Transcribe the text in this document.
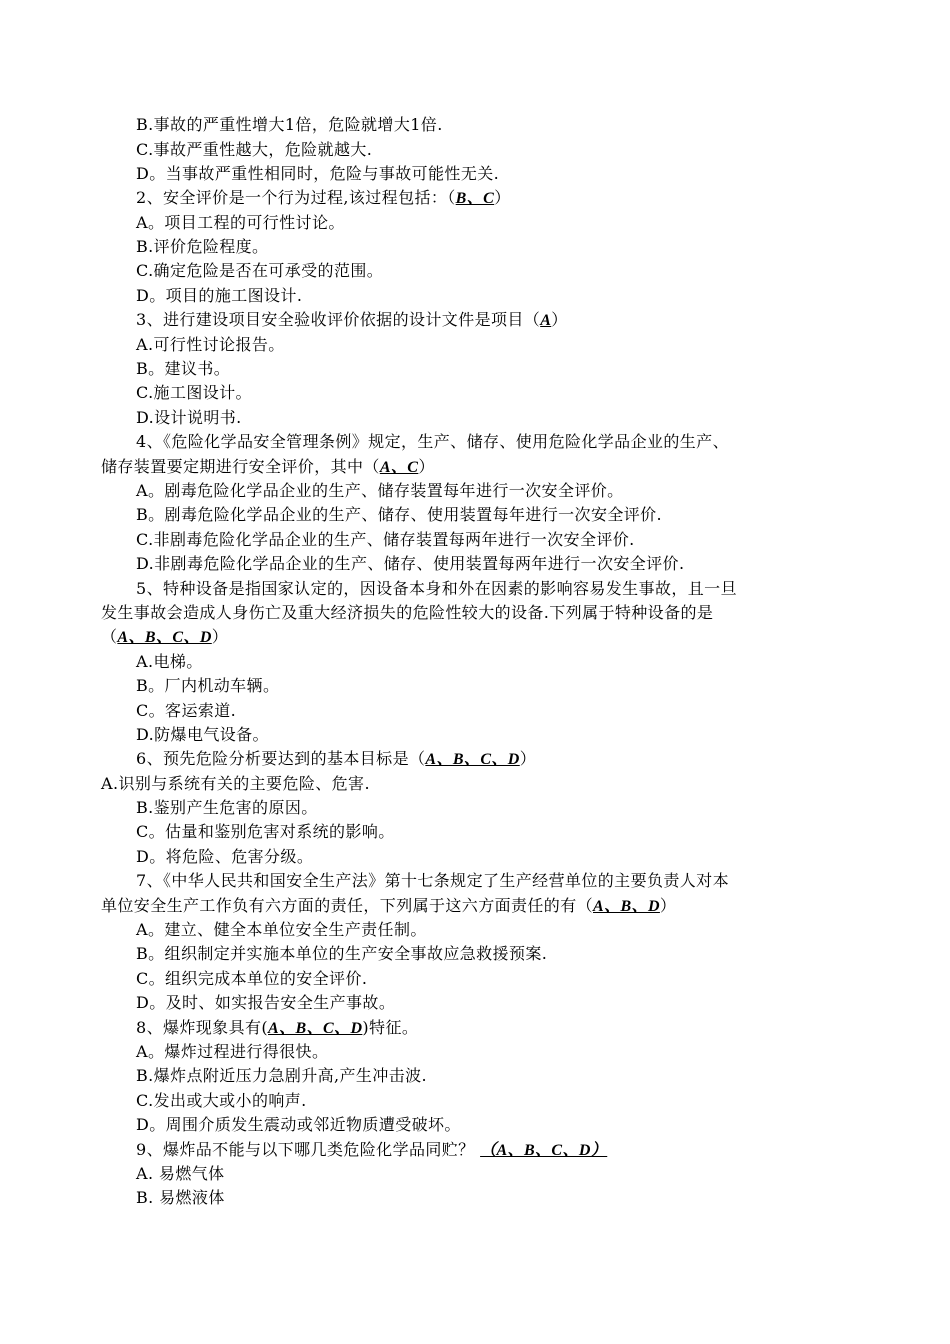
B.事故的严重性增大1倍，危险就增大1倍.
C.事故严重性越大，危险就越大.
D。当事故严重性相同时，危险与事故可能性无关.
2、安全评价是一个行为过程,该过程包括：（B、C）
A。项目工程的可行性讨论。
B.评价危险程度。
C.确定危险是否在可承受的范围。
D。项目的施工图设计.
3、进行建设项目安全验收评价依据的设计文件是项目（A）
A.可行性讨论报告。
B。建议书。
C.施工图设计。
D.设计说明书.
4、《危险化学品安全管理条例》规定，生产、储存、使用危险化学品企业的生产、
储存装置要定期进行安全评价，其中（A、C）
A。剧毒危险化学品企业的生产、储存装置每年进行一次安全评价。
B。剧毒危险化学品企业的生产、储存、使用装置每年进行一次安全评价.
C.非剧毒危险化学品企业的生产、储存装置每两年进行一次安全评价.
D.非剧毒危险化学品企业的生产、储存、使用装置每两年进行一次安全评价.
5、特种设备是指国家认定的，因设备本身和外在因素的影响容易发生事故，且一旦
发生事故会造成人身伤亡及重大经济损失的危险性较大的设备.下列属于特种设备的是
（A、B、C、D）
A.电梯。
B。厂内机动车辆。
C。客运索道.
D.防爆电气设备。
6、预先危险分析要达到的基本目标是（A、B、C、D）
A.识别与系统有关的主要危险、危害.
B.鉴别产生危害的原因。
C。估量和鉴别危害对系统的影响。
D。将危险、危害分级。
7、《中华人民共和国安全生产法》第十七条规定了生产经营单位的主要负责人对本
单位安全生产工作负有六方面的责任，下列属于这六方面责任的有（A、B、D）
A。建立、健全本单位安全生产责任制。
B。组织制定并实施本单位的生产安全事故应急救援预案.
C。组织完成本单位的安全评价.
D。及时、如实报告安全生产事故。
8、爆炸现象具有(A、B、C、D)特征。
A。爆炸过程进行得很快。
B.爆炸点附近压力急剧升高,产生冲击波.
C.发出或大或小的响声.
D。周围介质发生震动或邻近物质遭受破坏。
9、爆炸品不能与以下哪几类危险化学品同贮？ （A、B、C、D）
A. 易燃气体
B. 易燃液体
